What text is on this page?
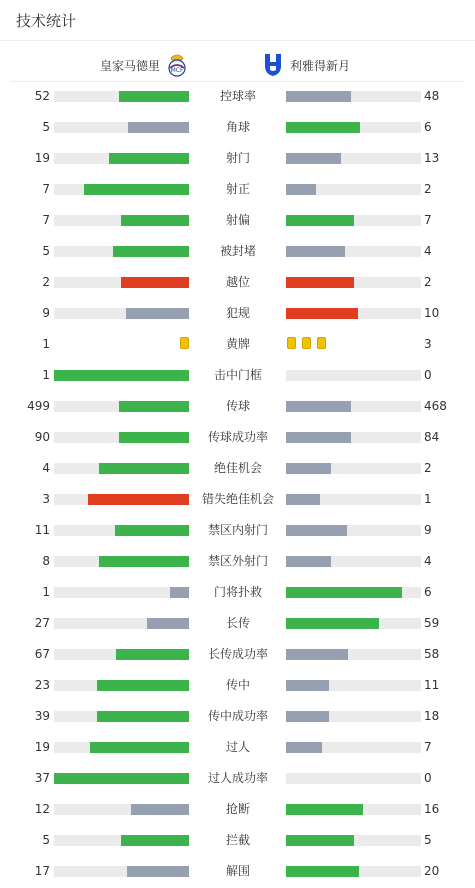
技术统计
皇家马德里 MCF	利雅得新月
52	控球率	48
5	角球	6
19	射门	13
7	射正	2
7	射偏	7
5	被封堵	4
2	越位	2
9	犯规	10
1	黄牌	3
1	击中门框	0
499	传球	468
90	传球成功率	84
4	绝佳机会	2
3	错失绝佳机会	1
11	禁区内射门	9
8	禁区外射门	4
1	门将扑救	6
27	长传	59
67	长传成功率	58
23	传中	11
39	传中成功率	18
19	过人	7
37	过人成功率	0
12	抢断	16
5	拦截	5
17	解围	20
